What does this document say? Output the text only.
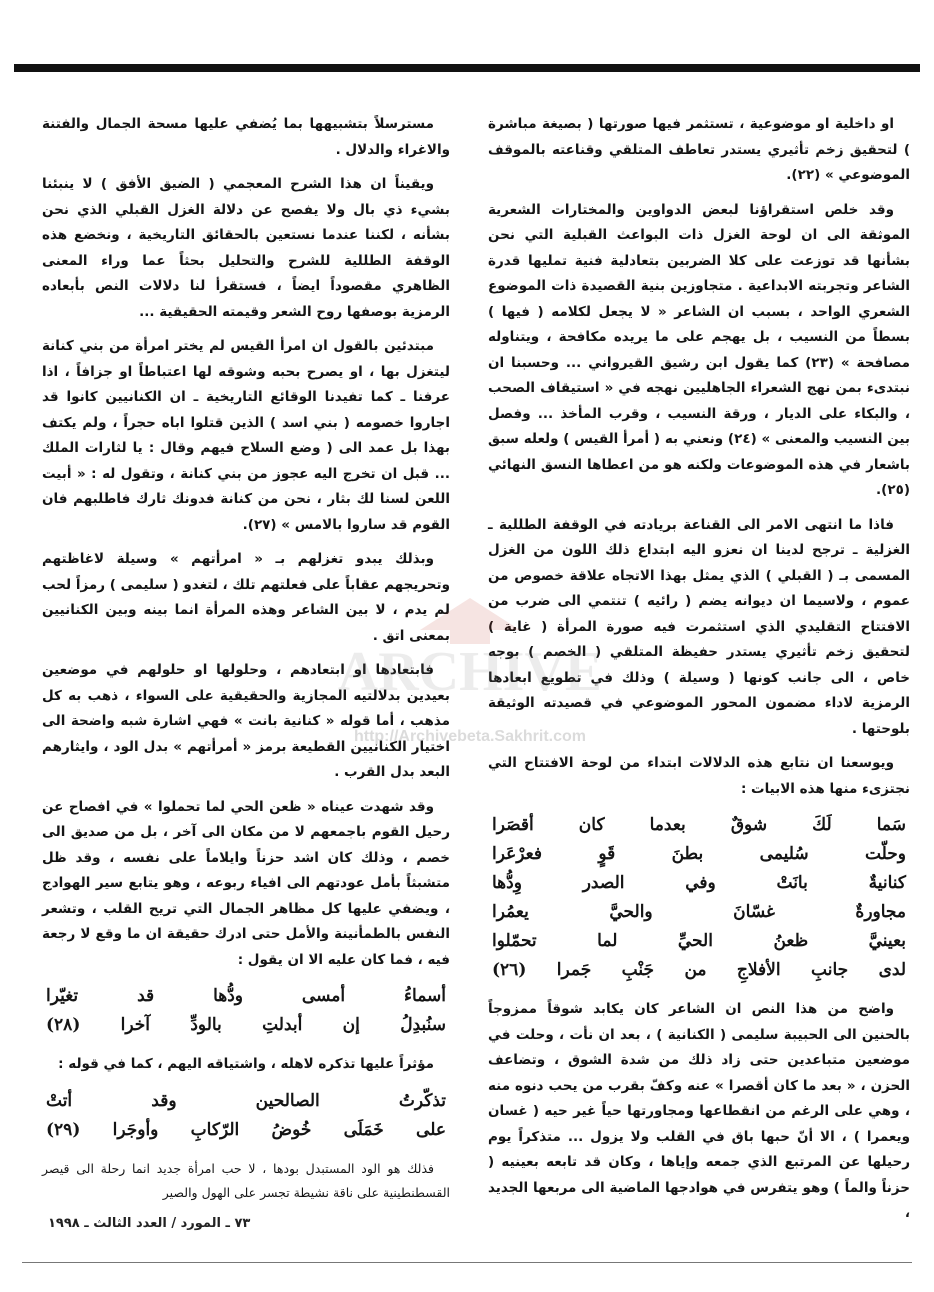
او داخلية او موضوعية ، تستثمر فيها صورتها ( بصيغة مباشرة ) لتحقيق زخم تأثيري يستدر تعاطف المتلقي وقناعته بالموقف الموضوعي » (٢٢).

وقد خلص استقراؤنا لبعض الدواوين والمختارات الشعرية الموثقة الى ان لوحة الغزل ذات البواعث القبلية التي نحن بشأنها قد توزعت على كلا الضربين بتعادلية فنية تمليها قدرة الشاعر وتجربته الابداعية . متجاوزين بنية القصيدة ذات الموضوع الشعري الواحد ، بسبب ان الشاعر « لا يجعل لكلامه ( فيها ) بسطاً من النسيب ، بل يهجم على ما يريده مكافحة ، ويتناوله مصافحة » (٢٣) كما يقول ابن رشيق القيرواني ... وحسبنا ان نبتدىء بمن نهج الشعراء الجاهليين نهجه في « استيقاف الصحب ، والبكاء على الديار ، ورقة النسيب ، وقرب المأخذ ... وفصل بين النسيب والمعنى » (٢٤) ونعني به ( أمرأ القيس ) ولعله سبق باشعار في هذه الموضوعات ولكنه هو من اعطاها النسق النهائي (٢٥).

فاذا ما انتهى الامر الى القناعة بريادته في الوقفة الطللية ـ الغزلية ـ ترجح لدينا ان نعزو اليه ابتداع ذلك اللون من الغزل المسمى بـ ( القبلي ) الذي يمثل بهذا الاتجاه علاقة خصوص من عموم ، ولاسيما ان ديوانه يضم ( رائيه ) تنتمي الى ضرب من الافتتاح التقليدي الذي استثمرت فيه صورة المرأة ( غاية ) لتحقيق زخم تأثيري يستدر حفيظة المتلقي ( الخصم ) بوجه خاص ، الى جانب كونها ( وسيلة ) وذلك في تطويع ابعادها الرمزية لاداء مضمون المحور الموضوعي في قصيدته الوثيقة بلوحتها .

ويوسعنا ان نتابع هذه الدلالات ابتداء من لوحة الافتتاح التي نجتزىء منها هذه الابيات :

سَما لَكَ شوقٌ بعدما كان أقصَرا
وحلّت سُليمى بطنَ قَوٍ فعرْعَرا
كنانيةٌ بانَتْ وفي الصدر وِدُّها
مجاورةٌ غسّانَ والحيَّ يعمُرا
بعينيَّ ظعنُ الحيِّ لما تحمّلوا
لدى جانبِ الأفلاجِ من جَنْبِ جَمرا (٢٦)

واضح من هذا النص ان الشاعر كان يكابد شوقاً ممزوجاً بالحنين الى الحبيبة سليمى ( الكنانية ) ، بعد ان نأت ، وحلت في موضعين متباعدين حتى زاد ذلك من شدة الشوق ، وتضاعف الحزن ، « بعد ما كان أقصرا » عنه وكفّ بقرب من يحب دنوه منه ، وهي على الرغم من انقطاعها ومجاورتها حياً غير حيه ( غسان ويعمرا ) ، الا أنّ حبها باق في القلب ولا يزول ... متذكراً يوم رحيلها عن المرتبع الذي جمعه وإياها ، وكان قد تابعه بعينيه ( حزناً والماً ) وهو يتفرس في هوادجها الماضية الى مربعها الجديد ،

مسترسلاً بتشبيهها بما يُضفي عليها مسحة الجمال والفتنة والاغراء والدلال .

ويقيناً ان هذا الشرح المعجمي ( الضيق الأفق ) لا ينبئنا بشيء ذي بال ولا يفصح عن دلالة الغزل القبلي الذي نحن بشأنه ، لكننا عندما نستعين بالحقائق التاريخية ، ونخضع هذه الوقفة الطللية للشرح والتحليل بحثاً عما وراء المعنى الظاهري مقصوداً ايضاً ، فستقرأ لنا دلالات النص بأبعاده الرمزية بوصفها روح الشعر وقيمته الحقيقية ...

مبتدئين بالقول ان امرأ القيس لم يختر امرأة من بني كنانة ليتغزل بها ، او يصرح بحبه وشوقه لها اعتباطاً او جزافاً ، اذا عرفنا ـ كما تفيدنا الوقائع التاريخية ـ ان الكنانيين كانوا قد اجاروا خصومه ( بني اسد ) الذين قتلوا اباه حجراً ، ولم يكتف بهذا بل عمد الى ( وضع السلاح فيهم وقال : يا لثارات الملك ... قبل ان تخرج اليه عجوز من بني كنانة ، وتقول له : « أبيت اللعن لسنا لك بثار ، نحن من كنانة فدونك ثارك فاطلبهم فان القوم قد ساروا بالامس » (٢٧).

وبذلك يبدو تغزلهم بـ « امرأتهم » وسيلة لاغاظتهم وتحريجهم عقاباً على فعلتهم تلك ، لتغدو ( سليمى ) رمزاً لحب لم يدم ، لا بين الشاعر وهذه المرأة انما بينه وبين الكنانيين بمعنى اتق .

فابتعادها او ابتعادهم ، وحلولها او حلولهم في موضعين بعيدين بدلالتيه المجازية والحقيقية على السواء ، ذهب به كل مذهب ، أما قوله « كنانية بانت » فهي اشارة شبه واضحة الى اختيار الكنانيين القطيعة برمز « أمرأتهم » بدل الود ، وايثارهم البعد بدل القرب .

وقد شهدت عيناه « ظعن الحي لما تحملوا » في افصاح عن رحيل القوم باجمعهم لا من مكان الى آخر ، بل من صديق الى خصم ، وذلك كان اشد حزناً وايلاماً على نفسه ، وقد ظل متشبثاً بأمل عودتهم الى افياء ربوعه ، وهو يتابع سير الهوادج ، ويضفي عليها كل مظاهر الجمال التي تريح القلب ، وتشعر النفس بالطمأنينة والأمل حتى ادرك حقيقة ان ما وقع لا رجعة فيه ، فما كان عليه الا ان يقول :

أسماءُ أمسى ودُّها قد تغيّرا
سنُبدِلُ إن أبدلتِ بالودِّ آخرا (٢٨)

مؤثراً عليها تذكره لاهله ، واشتياقه اليهم ، كما في قوله :

تذكّرتُ الصالحين وقد أتتْ
على خَمَلَى خُوضُ الرّكابِ وأوجَرا (٢٩)

فذلك هو الود المستبدل بودها ، لا حب امرأة جديد انما رحلة الى قيصر القسطنطينية على ناقة نشيطة تجسر على الهول والصير

ARCHIVE
http://Archivebeta.Sakhrit.com
٧٣ ـ المورد / العدد الثالث ـ ١٩٩٨
